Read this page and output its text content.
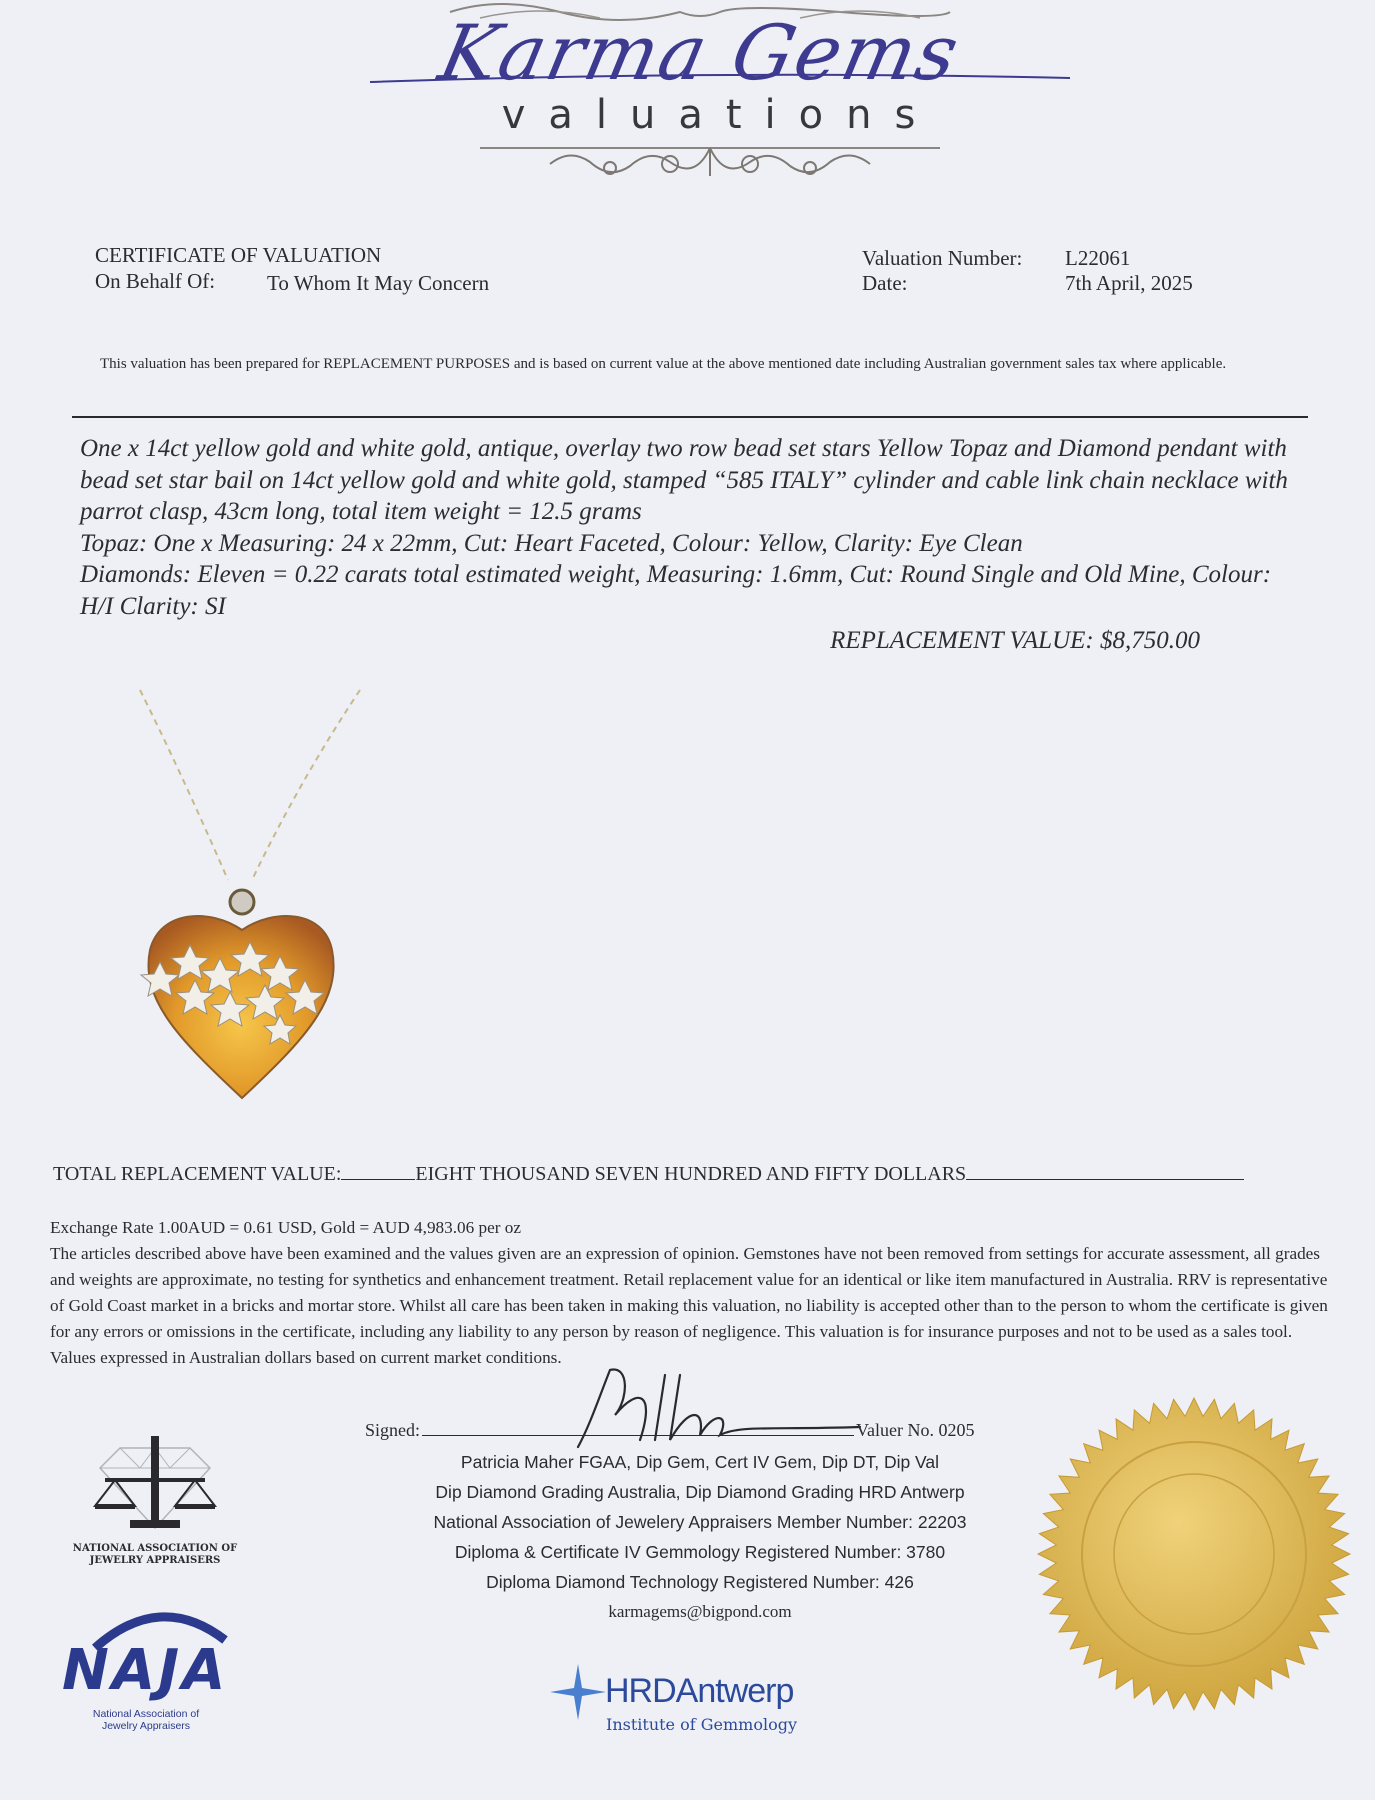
Karma Gems
valuations
CERTIFICATE OF VALUATION
On Behalf Of: To Whom It May Concern
Valuation Number: L22061
Date:	7th April, 2025
This valuation has been prepared for REPLACEMENT PURPOSES and is based on current value at the above mentioned date including Australian government sales tax where applicable.

One x 14ct yellow gold and white gold, antique, overlay two row bead set stars Yellow Topaz and Diamond pendant with bead set star bail on 14ct yellow gold and white gold, stamped “585 ITALY” cylinder and cable link chain necklace with parrot clasp, 43cm long, total item weight = 12.5 grams

Topaz: One x Measuring: 24 x 22mm, Cut: Heart Faceted, Colour: Yellow, Clarity: Eye Clean

Diamonds: Eleven = 0.22 carats total estimated weight, Measuring: 1.6mm, Cut: Round Single and Old Mine, Colour: H/I Clarity: SI

REPLACEMENT VALUE: $8,750.00
TOTAL REPLACEMENT VALUE:	EIGHT THOUSAND SEVEN HUNDRED AND FIFTY DOLLARS

Exchange Rate 1.00AUD = 0.61 USD, Gold = AUD 4,983.06 per oz

The articles described above have been examined and the values given are an expression of opinion. Gemstones have not been removed from settings for accurate assessment, all grades and weights are approximate, no testing for synthetics and enhancement treatment. Retail replacement value for an identical or like item manufactured in Australia. RRV is representative of Gold Coast market in a bricks and mortar store. Whilst all care has been taken in making this valuation, no liability is accepted other than to the person to whom the certificate is given for any errors or omissions in the certificate, including any liability to any person by reason of negligence. This valuation is for insurance purposes and not to be used as a sales tool. Values expressed in Australian dollars based on current market conditions.

Signed:	Valuer No. 0205
Patricia Maher FGAA, Dip Gem, Cert IV Gem, Dip DT, Dip Val
Dip Diamond Grading Australia, Dip Diamond Grading HRD Antwerp
National Association of Jewelery Appraisers Member Number: 22203
Diploma & Certificate IV Gemmology Registered Number: 3780
Diploma Diamond Technology Registered Number: 426
karmagems@bigpond.com
NATIONAL ASSOCIATION OF JEWELRY APPRAISERS
NAJA
National Association of Jewelry Appraisers
HRDAntwerp
Institute of Gemmology
